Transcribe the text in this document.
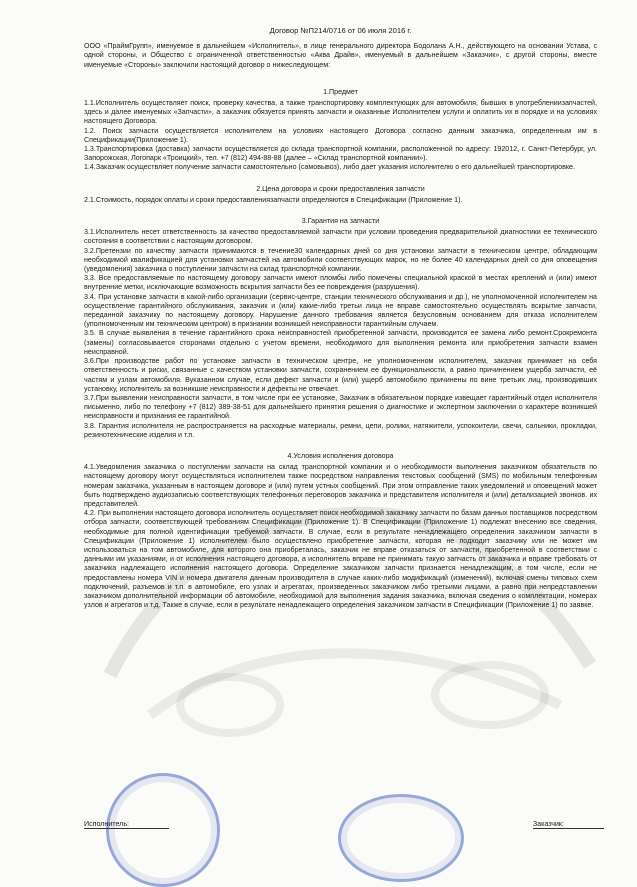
Договор №П214/0716 от 06 июля 2016 г.

ООО «ПраймГрупп», именуемое в дальнейшем «Исполнитель», в лице генерального директора Бодолана А.Н., действующего на основании Устава, с одной стороны, и Общество с ограниченной ответственностью «Аква Драйв», именуемый в дальнейшем «Заказчик», с другой стороны, вместе именуемые «Стороны» заключили настоящий договор о нижеследующем:

1.Предмет

1.1.Исполнитель осуществляет поиск, проверку качества, а также транспортировку комплектующих для автомобиля, бывших в употреблениизапчастей, здесь и далее именуемых «Запчасти», а заказчик обязуется принять запчасти и оказанные Исполнителем услуги и оплатить их в порядке и на условиях настоящего Договора.

1.2. Поиск запчасти осуществляется исполнителем на условиях настоящего Договора согласно данным заказчика, определенным им в Спецификации(Приложение 1).

1.3.Транспортировка (доставка) запчасти осуществляется до склада транспортной компании, расположенной по адресу: 192012, г. Санкт-Петербург, ул. Запорожская, Логопарк «Троицкий», тел. +7 (812) 494-88-88 (далее – «Склад транспортной компании»).

1.4.Заказчик осуществляет получение запчасти самостоятельно (самовывоз), либо дает указания исполнителю о его дальнейшей транспортировке.

2.Цена договора и сроки предоставления запчасти

2.1.Стоимость, порядок оплаты и сроки предоставлениязапчасти определяются в Спецификации (Приложение 1).

3.Гарантия на запчасти

3.1.Исполнитель несет ответственность за качество предоставляемой запчасти при условии проведения предварительной диагностики ее технического состояния в соответствии с настоящим договором.

3.2.Претензии по качеству запчасти принимаются в течение30 календарных дней со дня установки запчасти в техническом центре, обладающим необходимой квалификацией для установки запчастей на автомобили соответствующих марок, но не более 40 календарных дней со дня оповещения (уведомления) заказчика о поступлении запчасти на склад транспортной компании.

3.3. Все предоставляемые по настоящему договору запчасти имеют пломбы либо помечены специальной краской в местах креплений и (или) имеют внутренние метки, исключающие возможность вскрытия запчасти без ее повреждения (разрушения).

3.4. При установке запчасти в какой-либо организации (сервис-центре, станции технического обслуживания и др.), не уполномоченной исполнителем на осуществление гарантийного обслуживания, заказчик и (или) какие-либо третьи лица не вправе самостоятельно осуществлять вскрытие запчасти, переданной заказчику по настоящему договору. Нарушение данного требования является безусловным основанием для отказа исполнителем (уполномоченным им техническим центром) в признании возникшей неисправности гарантийным случаем.

3.5. В случае выявления в течение гарантийного срока неисправностей приобретенной запчасти, производится ее замена либо ремонт.Срокремонта (замены) согласовывается сторонами отдельно с учетом времени, необходимого для выполнения ремонта или приобретения запчасти взамен неисправной.

3.6.При производстве работ по установке запчасти в техническом центре, не уполномоченном исполнителем, заказчик принимает на себя ответственность и риски, связанные с качеством установки запчасти, сохранением ее функциональности, а равно причинением ущерба запчасти, её частям и узлам автомобиля. Вуказанном случае, если дефект запчасти и (или) ущерб автомобилю причинены по вине третьих лиц, производивших установку, исполнитель за возникшие неисправности и дефекты не отвечает.

3.7.При выявлении неисправности запчасти, в том числе при ее установке, Заказчик в обязательном порядке извещает гарантийный отдел исполнителя письменно, либо по телефону +7 (812) 389-38-51 для дальнейшего принятия решения о диагностике и экспертном заключении о характере возникшей неисправности и признания ее гарантийной.

3.8. Гарантия исполнителя не распространяется на расходные материалы, ремни, цепи, ролики, натяжители, успокоители, свечи, сальники, прокладки, резинотехнические изделия и т.п.

4.Условия исполнения договора

4.1.Уведомления заказчика о поступлении запчасти на склад транспортной компании и о необходимости выполнения заказчиком обязательств по настоящему договору могут осуществляться исполнителем также посредством направления текстовых сообщений (SMS) по мобильным телефонным номерам заказчика, указанным в настоящем договоре и (или) путем устных сообщений. При этом отправление таких уведомлений и оповещений может быть подтверждено аудиозаписью соответствующих телефонных переговоров заказчика и представителя исполнителя и (или) детализацией звонков. их представителей.

4.2. При выполнении настоящего договора исполнитель осуществляет поиск необходимой заказчику запчасти по базам данных поставщиков посредством отбора запчасти, соответствующей требованиям Спецификации (Приложение 1). В Спецификации (Приложение 1) подлежат внесению все сведения, необходимые для полной идентификации требуемой запчасти. В случае, если в результате ненадлежащего определения заказчиком запчасти в Спецификации (Приложение 1) исполнителем было осуществлено приобретение запчасти, которая не подходит заказчику или не может им использоваться на том автомобиле, для которого она приобреталась, заказчик не вправе отказаться от запчасти, приобретенной в соответствии с данными им указаниями, и от исполнения настоящего договора, а исполнитель вправе не принимать такую запчасть от заказчика и вправе требовать от заказчика надлежащего исполнения настоящего договора. Определение заказчиком запчасти признается ненадлежащим, в том числе, если не предоставлены номера VIN и номера двигателя данным производителя в случае каких-либо модификаций (изменений), включая смены типовых схем подключений, разъемов и т.п. в автомобиле, его узлах и агрегатах, произведенных заказчиком либо третьими лицами, а равно при непредставлении заказчиком дополнительной информации об автомобиле, необходимой для выполнения задания заказчика, включая сведения о комплектации, номерах узлов и агрегатов и т.д. Также в случае, если в результате ненадлежащего определения заказчиком запчасти в Спецификации (Приложение 1) по заявке.

Исполнитель:	Заказчик:
